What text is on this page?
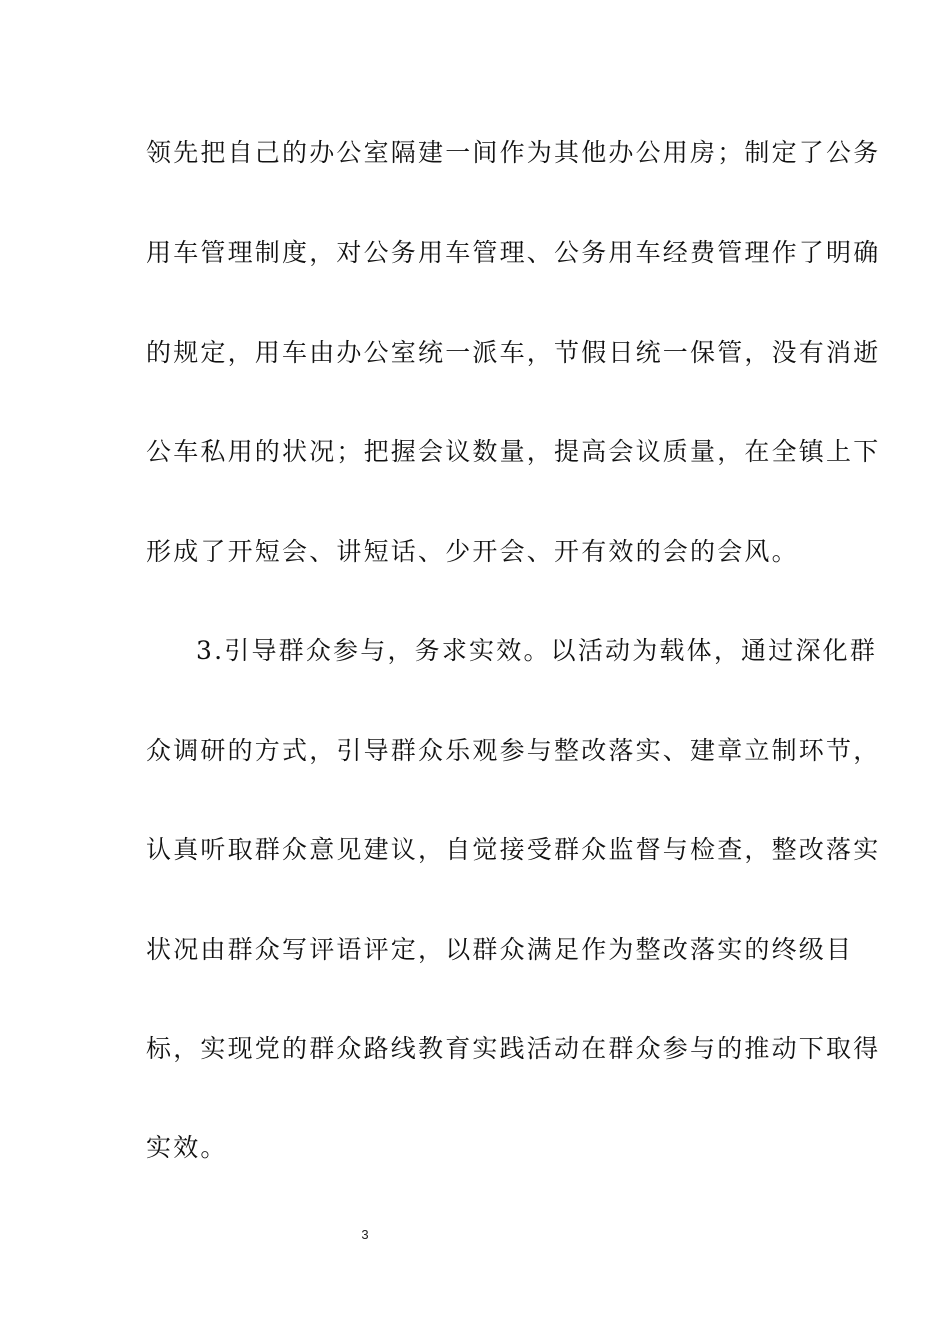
领先把自己的办公室隔建一间作为其他办公用房；制定了公务
用车管理制度，对公务用车管理、公务用车经费管理作了明确
的规定，用车由办公室统一派车，节假日统一保管，没有消逝
公车私用的状况；把握会议数量，提高会议质量，在全镇上下
形成了开短会、讲短话、少开会、开有效的会的会风。
3.引导群众参与，务求实效。以活动为载体，通过深化群
众调研的方式，引导群众乐观参与整改落实、建章立制环节，
认真听取群众意见建议，自觉接受群众监督与检查，整改落实
状况由群众写评语评定，以群众满足作为整改落实的终级目
标，实现党的群众路线教育实践活动在群众参与的推动下取得
实效。
3
